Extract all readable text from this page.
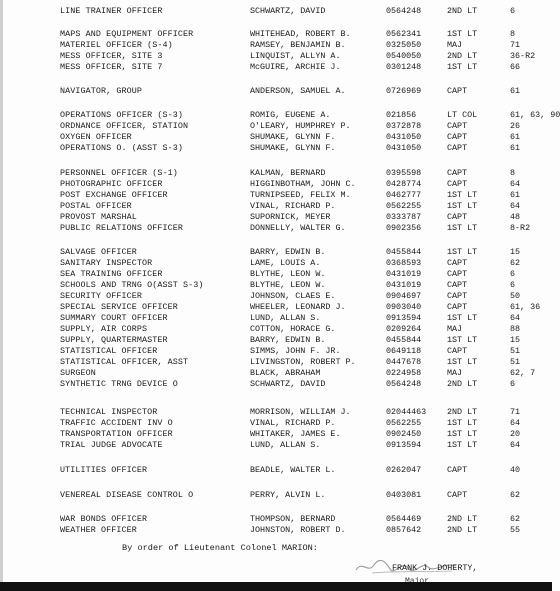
LINE TRAINER OFFICER	SCHWARTZ, DAVID	0564248	2ND LT	6
MAPS AND EQUIPMENT OFFICER	WHITEHEAD, ROBERT B.	0562341	1ST LT	8
MATERIEL OFFICER (S-4)	RAMSEY, BENJAMIN B.	0325050	MAJ	71
MESS OFFICER, SITE 3	LINQUIST, ALLYN A.	0540050	2ND LT	36-R2
MESS OFFICER, SITE 7	McGUIRE, ARCHIE J.	0301248	1ST LT	66
NAVIGATOR, GROUP	ANDERSON, SAMUEL A.	0726969	CAPT	61
OPERATIONS OFFICER (S-3)	ROMIG, EUGENE A.	021856	LT COL	61, 63, 90
ORDNANCE OFFICER, STATION	O'LEARY, HUMPHREY P.	0372878	CAPT	26
OXYGEN OFFICER	SHUMAKE, GLYNN F.	0431050	CAPT	61
OPERATIONS O. (ASST S-3)	SHUMAKE, GLYNN F.	0431050	CAPT	61
PERSONNEL OFFICER (S-1)	KALMAN, BERNARD	0395598	CAPT	8
PHOTOGRAPHIC OFFICER	HIGGINBOTHAM, JOHN C.	0428774	CAPT	64
POST EXCHANGE OFFICER	TURNIPSEED, FELIX M.	0462777	1ST LT	61
POSTAL OFFICER	VINAL, RICHARD P.	0562255	1ST LT	64
PROVOST MARSHAL	SUPORNICK, MEYER	0333787	CAPT	48
PUBLIC RELATIONS OFFICER	DONNELLY, WALTER G.	0902356	1ST LT	8-R2
SALVAGE OFFICER	BARRY, EDWIN B.	0455844	1ST LT	15
SANITARY INSPECTOR	LAME, LOUIS A.	0368593	CAPT	62
SEA TRAINING OFFICER	BLYTHE, LEON W.	0431019	CAPT	6
SCHOOLS AND TRNG O(ASST S-3)	BLYTHE, LEON W.	0431019	CAPT	6
SECURITY OFFICER	JOHNSON, CLAES E.	0904697	CAPT	50
SPECIAL SERVICE OFFICER	WHEELER, LEONARD J.	0903040	CAPT	61, 36
SUMMARY COURT OFFICER	LUND, ALLAN S.	0913594	1ST LT	64
SUPPLY, AIR CORPS	COTTON, HORACE G.	0209264	MAJ	88
SUPPLY, QUARTERMASTER	BARRY, EDWIN B.	0455844	1ST LT	15
STATISTICAL OFFICER	SIMMS, JOHN F. JR.	0649118	CAPT	51
STATISTICAL OFFICER, ASST	LIVINGSTON, ROBERT P.	0447678	1ST LT	51
SURGEON	BLACK, ABRAHAM	0224958	MAJ	62, 7
SYNTHETIC TRNG DEVICE O	SCHWARTZ, DAVID	0564248	2ND LT	6
TECHNICAL INSPECTOR	MORRISON, WILLIAM J.	02044463 2ND LT	71
TRAFFIC ACCIDENT INV O	VINAL, RICHARD P.	0562255	1ST LT	64
TRANSPORTATION OFFICER	WHITAKER, JAMES E.	0902450	1ST LT	20
TRIAL JUDGE ADVOCATE	LUND, ALLAN S.	0913594	1ST LT	64
UTILITIES OFFICER	BEADLE, WALTER L.	0262047	CAPT	40
VENEREAL DISEASE CONTROL O	PERRY, ALVIN L.	0403081	CAPT	62
WAR BONDS OFFICER	THOMPSON, BERNARD	0564469	2ND LT	62
WEATHER OFFICER	JOHNSTON, ROBERT D.	0857642	2ND LT	55
By order of Lieutenant Colonel MARION:
FRANK J. DOHERTY,
